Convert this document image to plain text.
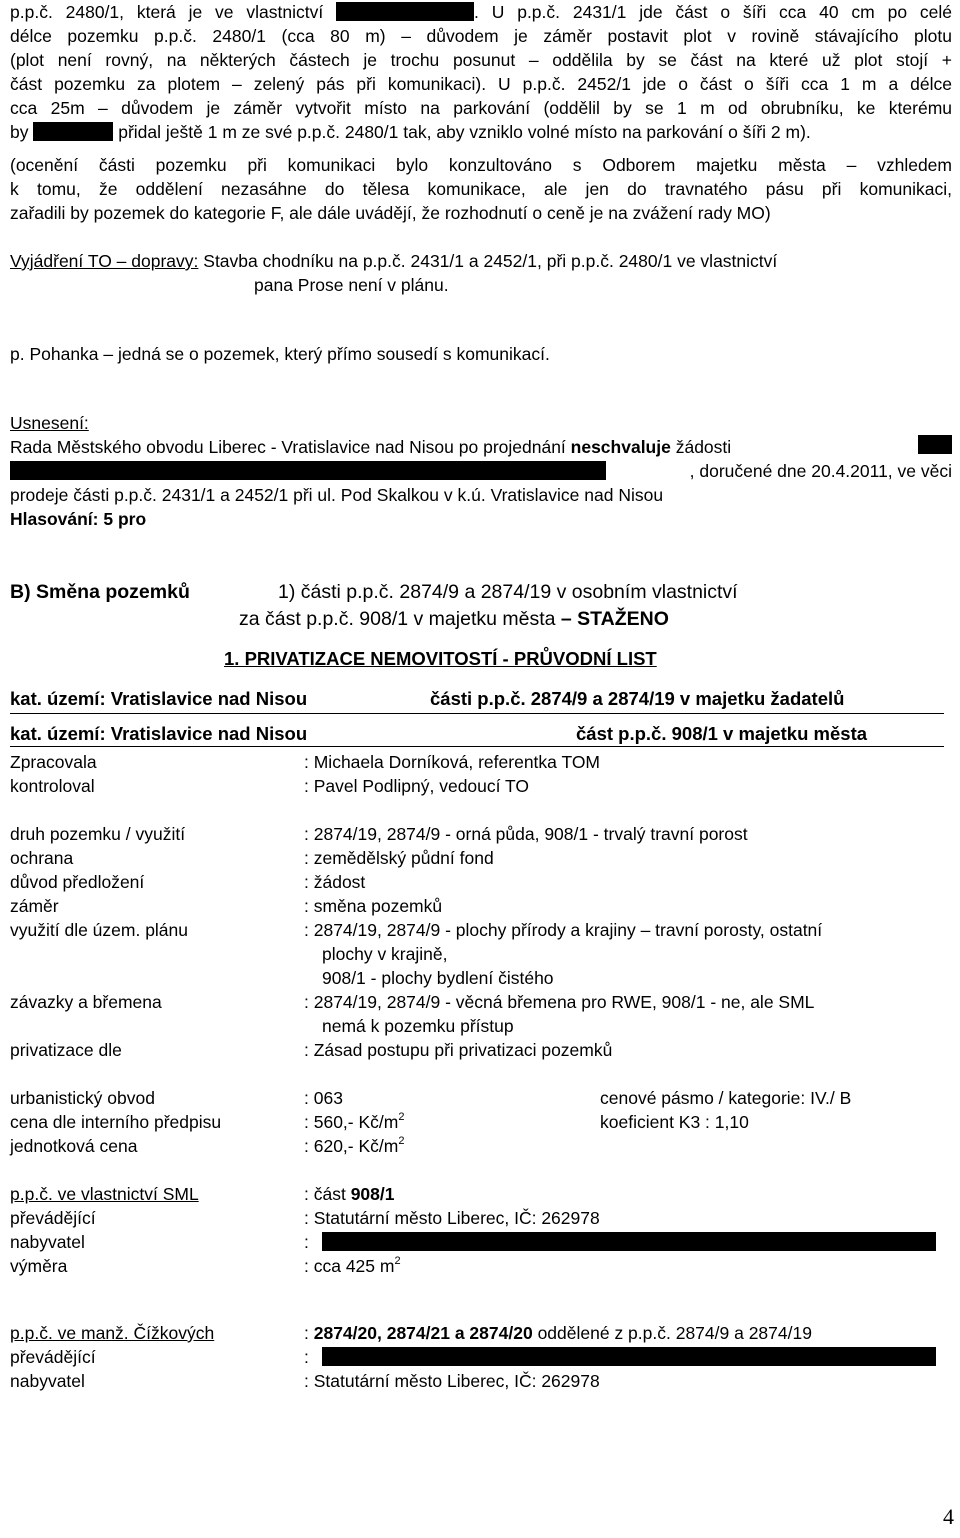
p.p.č. 2480/1, která je ve vlastnictví	. U p.p.č. 2431/1 jde část o šíři cca 40 cm po celé
délce pozemku p.p.č. 2480/1 (cca 80 m) – důvodem je záměr postavit plot v rovině stávajícího plotu
(plot není rovný, na některých částech je trochu posunut – oddělila by se část na které už plot stojí +
část pozemku za plotem – zelený pás při komunikaci). U p.p.č. 2452/1 jde o část o šíři cca 1 m a délce
cca 25m – důvodem je záměr vytvořit místo na parkování (oddělil by se 1 m od obrubníku, ke kterému
by	přidal ještě 1 m ze své p.p.č. 2480/1 tak, aby vzniklo volné místo na parkování o šíři 2 m).
(ocenění části pozemku při komunikaci bylo konzultováno s Odborem majetku města – vzhledem
k tomu, že oddělení nezasáhne do tělesa komunikace, ale jen do travnatého pásu při komunikaci,
zařadili by pozemek do kategorie F, ale dále uvádějí, že rozhodnutí o ceně je na zvážení rady MO)
Vyjádření TO – dopravy: Stavba chodníku na p.p.č. 2431/1 a 2452/1, při p.p.č. 2480/1 ve vlastnictví
pana Prose není v plánu.
p. Pohanka – jedná se o pozemek, který přímo sousedí s komunikací.
Usnesení:
Rada Městského obvodu Liberec - Vratislavice nad Nisou po projednání neschvaluje žádosti
, doručené dne 20.4.2011, ve věci
prodeje části p.p.č. 2431/1 a 2452/1 při ul. Pod Skalkou v k.ú. Vratislavice nad Nisou
Hlasování: 5 pro
B) Směna pozemků	1) části p.p.č. 2874/9 a 2874/19 v osobním vlastnictví
za část p.p.č. 908/1 v majetku města – STAŽENO
1. PRIVATIZACE NEMOVITOSTÍ - PRŮVODNÍ LIST
kat. území: Vratislavice nad Nisou	části p.p.č. 2874/9 a 2874/19 v majetku žadatelů
kat. území: Vratislavice nad Nisou	část p.p.č. 908/1 v majetku města
Zpracovala	: Michaela Dorníková, referentka TOM
kontroloval	: Pavel Podlipný, vedoucí TO
druh pozemku / využití	: 2874/19, 2874/9 - orná půda, 908/1 - trvalý travní porost
ochrana	: zemědělský půdní fond
důvod předložení	: žádost
záměr	: směna pozemků
využití dle územ. plánu	: 2874/19, 2874/9 - plochy přírody a krajiny – travní porosty, ostatní
plochy v krajině,
908/1 - plochy bydlení čistého
závazky a břemena	: 2874/19, 2874/9 - věcná břemena pro RWE, 908/1 - ne, ale SML
nemá k pozemku přístup
privatizace dle	: Zásad postupu při privatizaci pozemků
urbanistický obvod	: 063	cenové pásmo / kategorie: IV./ B
cena dle interního předpisu	: 560,- $Kč/m^2$	koeficient K3 : 1,10
jednotková cena	: 620,- $Kč/m^2$
p.p.č. ve vlastnictví SML	: část 908/1
převádějící	: Statutární město Liberec, IČ: 262978
nabyvatel	:
výměra	: cca 425 $m^2$
p.p.č. ve manž. Čížkových	: 2874/20, 2874/21 a 2874/20 oddělené z p.p.č. 2874/9 a 2874/19
převádějící	:
nabyvatel	: Statutární město Liberec, IČ: 262978
4
